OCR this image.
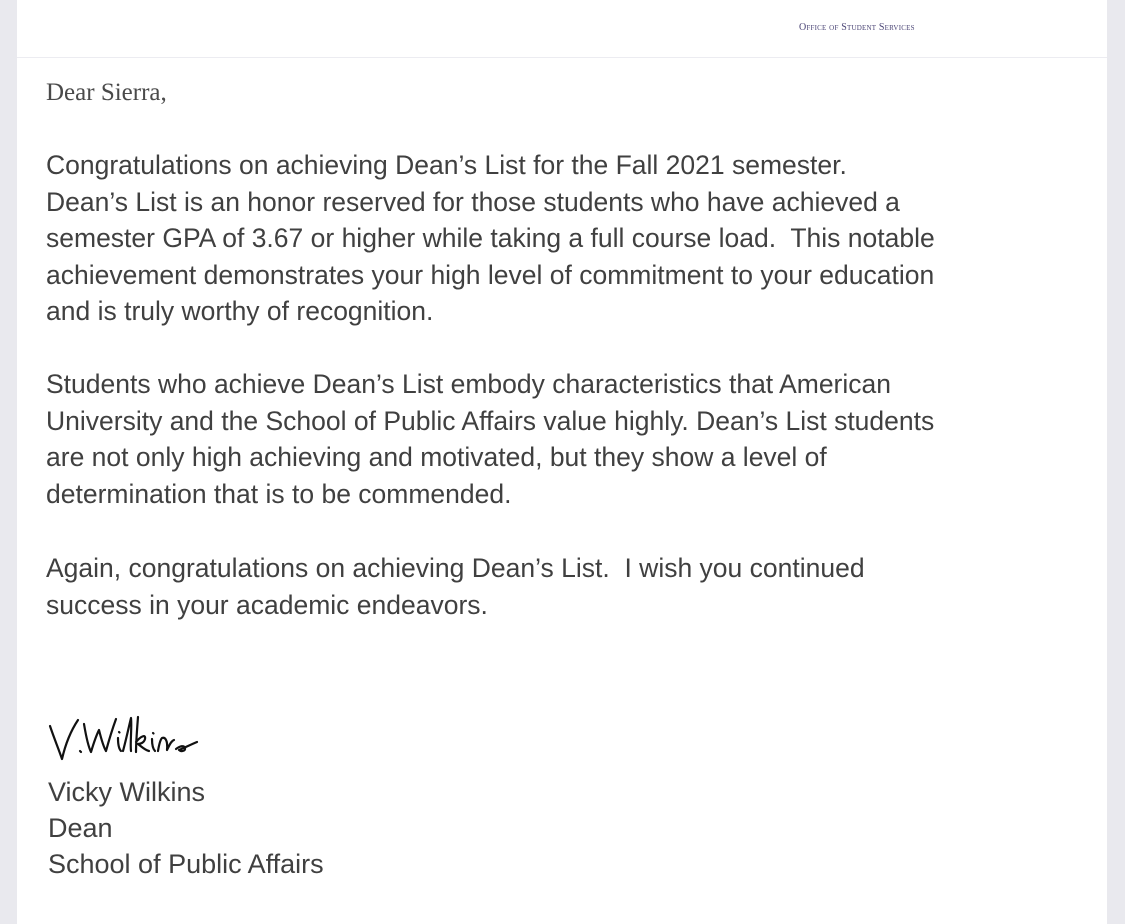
Office of Student Services
Dear Sierra,

Congratulations on achieving Dean’s List for the Fall 2021 semester.
Dean’s List is an honor reserved for those students who have achieved a
semester GPA of 3.67 or higher while taking a full course load.  This notable
achievement demonstrates your high level of commitment to your education
and is truly worthy of recognition.

Students who achieve Dean’s List embody characteristics that American
University and the School of Public Affairs value highly. Dean’s List students
are not only high achieving and motivated, but they show a level of
determination that is to be commended.

Again, congratulations on achieving Dean’s List.  I wish you continued
success in your academic endeavors.

Vicky Wilkins
Dean
School of Public Affairs
